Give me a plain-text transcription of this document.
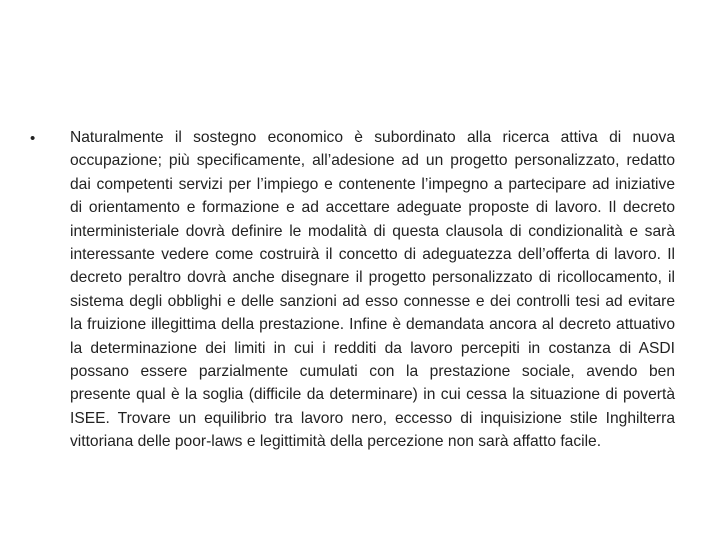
• Naturalmente il sostegno economico è subordinato alla ricerca attiva di nuova occupazione; più specificamente, all’adesione ad un progetto personalizzato, redatto dai competenti servizi per l’impiego e contenente l’impegno a partecipare ad iniziative di orientamento e formazione e ad accettare adeguate proposte di lavoro. Il decreto interministeriale dovrà definire le modalità di questa clausola di condizionalità e sarà interessante vedere come costruirà il concetto di adeguatezza dell’offerta di lavoro. Il decreto peraltro dovrà anche disegnare il progetto personalizzato di ricollocamento, il sistema degli obblighi e delle sanzioni ad esso connesse e dei controlli tesi ad evitare la fruizione illegittima della prestazione. Infine è demandata ancora al decreto attuativo la determinazione dei limiti in cui i redditi da lavoro percepiti in costanza di ASDI possano essere parzialmente cumulati con la prestazione sociale, avendo ben presente qual è la soglia (difficile da determinare) in cui cessa la situazione di povertà ISEE. Trovare un equilibrio tra lavoro nero, eccesso di inquisizione stile Inghilterra vittoriana delle poor-laws e legittimità della percezione non sarà affatto facile.
